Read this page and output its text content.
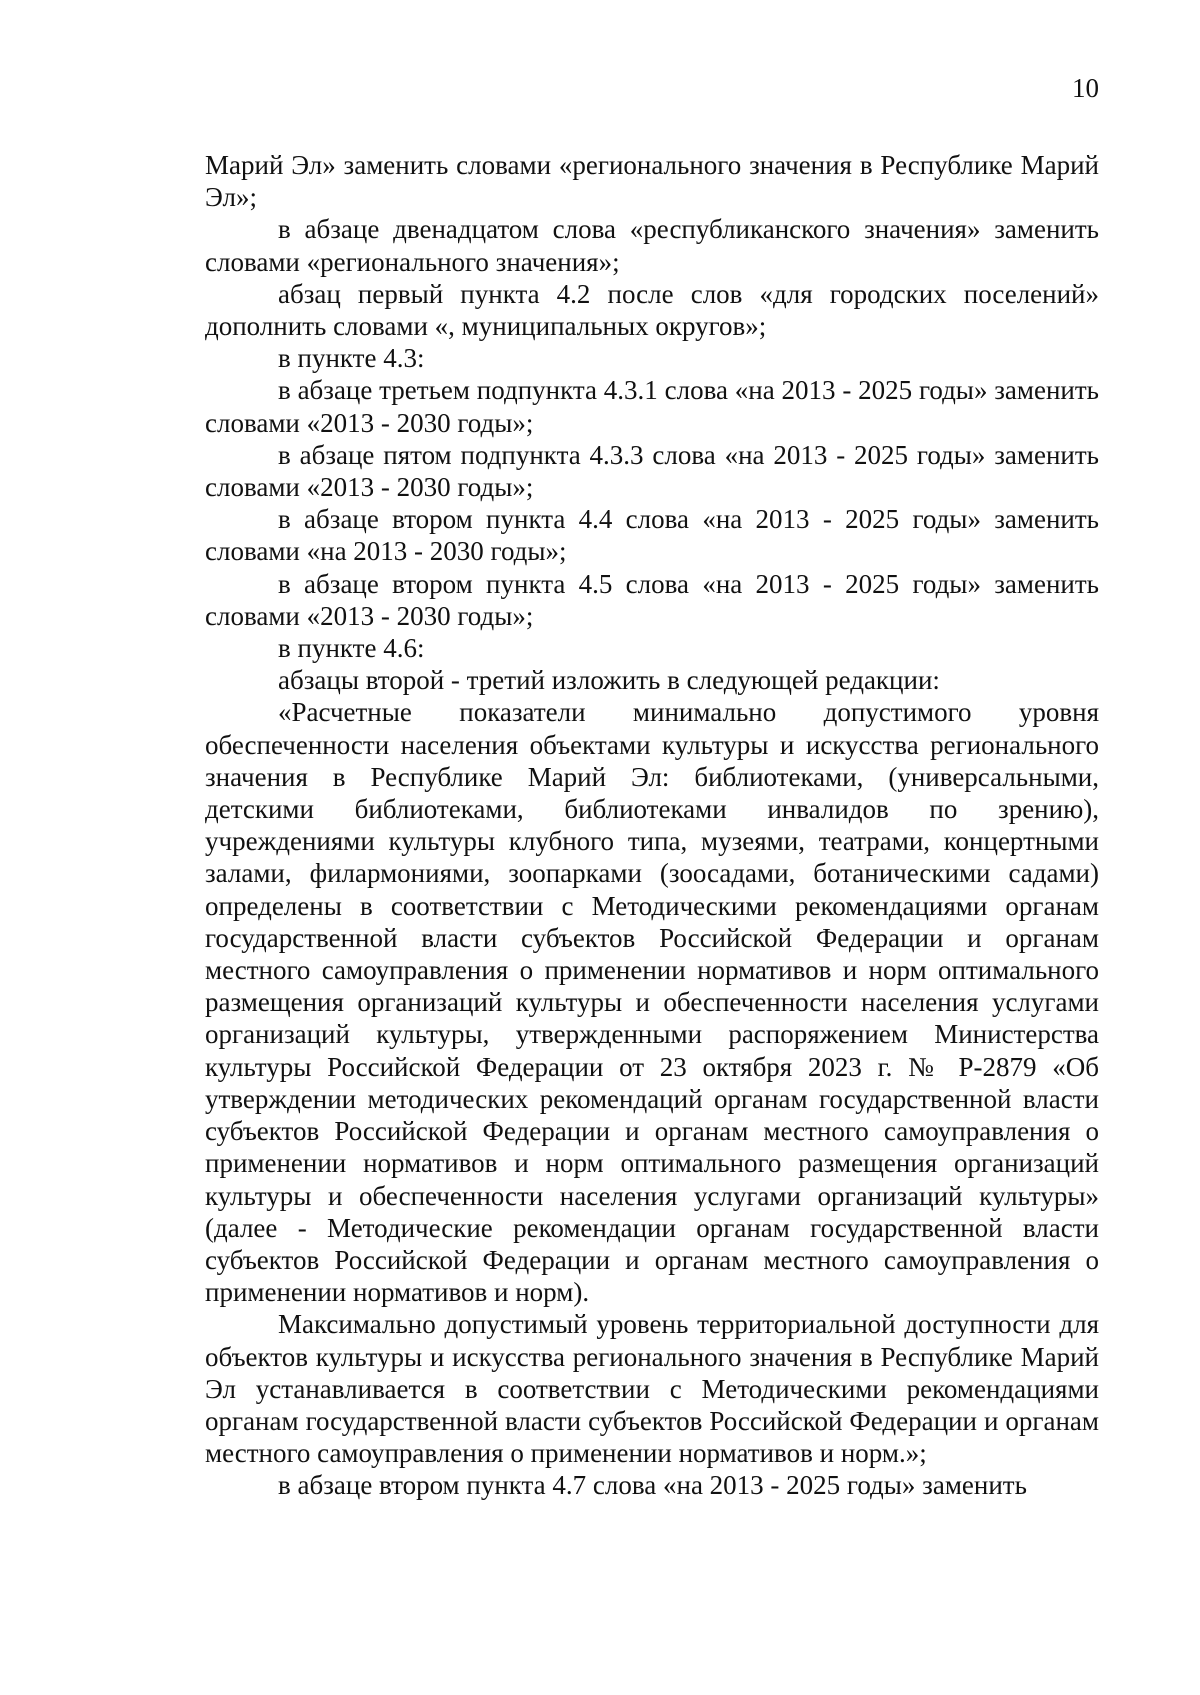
10

Марий Эл» заменить словами «регионального значения в Республике Марий Эл»;

в абзаце двенадцатом слова «республиканского значения» заменить словами «регионального значения»;

абзац первый пункта 4.2 после слов «для городских поселений» дополнить словами «, муниципальных округов»;

в пункте 4.3:

в абзаце третьем подпункта 4.3.1 слова «на 2013 - 2025 годы» заменить словами «2013 - 2030 годы»;

в абзаце пятом подпункта 4.3.3 слова «на 2013 - 2025 годы» заменить словами «2013 - 2030 годы»;

в абзаце втором пункта 4.4 слова «на 2013 - 2025 годы» заменить словами «на 2013 - 2030 годы»;

в абзаце втором пункта 4.5 слова «на 2013 - 2025 годы» заменить словами «2013 - 2030 годы»;

в пункте 4.6:

абзацы второй - третий изложить в следующей редакции:

«Расчетные показатели минимально допустимого уровня обеспеченности населения объектами культуры и искусства регионального значения в Республике Марий Эл: библиотеками, (универсальными, детскими библиотеками, библиотеками инвалидов по зрению), учреждениями культуры клубного типа, музеями, театрами, концертными залами, филармониями, зоопарками (зоосадами, ботаническими садами) определены в соответствии с Методическими рекомендациями органам государственной власти субъектов Российской Федерации и органам местного самоуправления о применении нормативов и норм оптимального размещения организаций культуры и обеспеченности населения услугами организаций культуры, утвержденными распоряжением Министерства культуры Российской Федерации от 23 октября 2023 г. № Р-2879 «Об утверждении методических рекомендаций органам государственной власти субъектов Российской Федерации и органам местного самоуправления о применении нормативов и норм оптимального размещения организаций культуры и обеспеченности населения услугами организаций культуры» (далее - Методические рекомендации органам государственной власти субъектов Российской Федерации и органам местного самоуправления о применении нормативов и норм).

Максимально допустимый уровень территориальной доступности для объектов культуры и искусства регионального значения в Республике Марий Эл устанавливается в соответствии с Методическими рекомендациями органам государственной власти субъектов Российской Федерации и органам местного самоуправления о применении нормативов и норм.»;

в абзаце втором пункта 4.7 слова «на 2013 - 2025 годы» заменить
